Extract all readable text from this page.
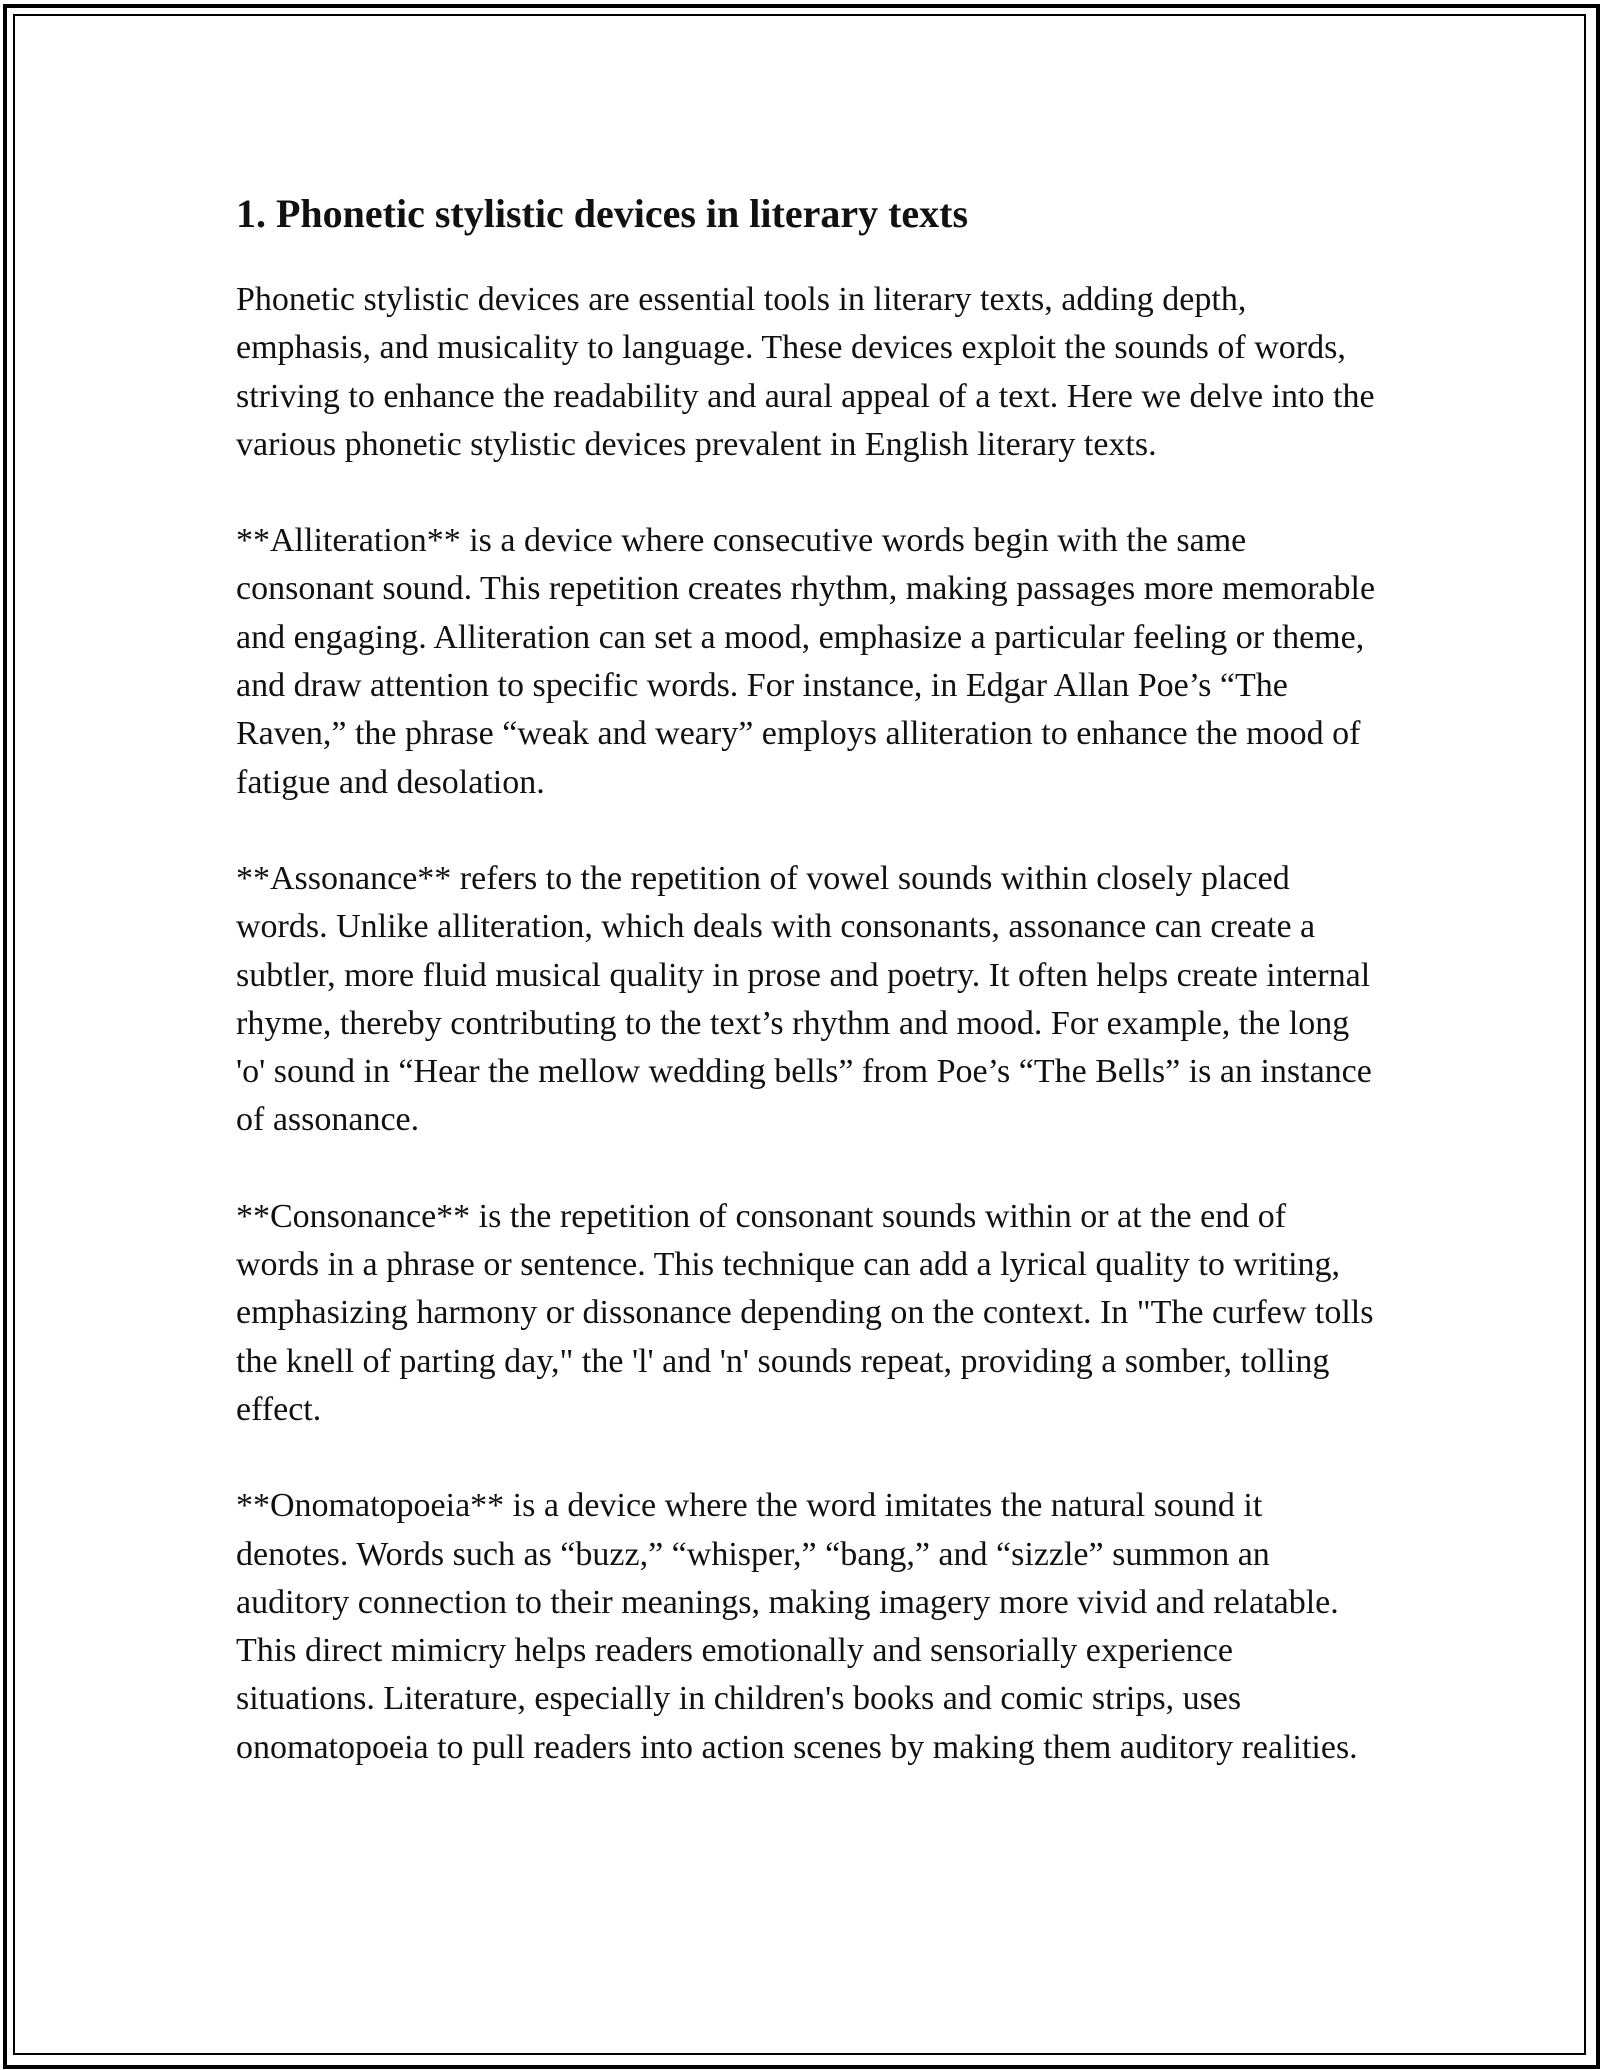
1. Phonetic stylistic devices in literary texts

Phonetic stylistic devices are essential tools in literary texts, adding depth, emphasis, and musicality to language. These devices exploit the sounds of words, striving to enhance the readability and aural appeal of a text. Here we delve into the various phonetic stylistic devices prevalent in English literary texts.

**Alliteration** is a device where consecutive words begin with the same consonant sound. This repetition creates rhythm, making passages more memorable and engaging. Alliteration can set a mood, emphasize a particular feeling or theme, and draw attention to specific words. For instance, in Edgar Allan Poe’s “The Raven,” the phrase “weak and weary” employs alliteration to enhance the mood of fatigue and desolation.

**Assonance** refers to the repetition of vowel sounds within closely placed words. Unlike alliteration, which deals with consonants, assonance can create a subtler, more fluid musical quality in prose and poetry. It often helps create internal rhyme, thereby contributing to the text’s rhythm and mood. For example, the long 'o' sound in “Hear the mellow wedding bells” from Poe’s “The Bells” is an instance of assonance.

**Consonance** is the repetition of consonant sounds within or at the end of words in a phrase or sentence. This technique can add a lyrical quality to writing, emphasizing harmony or dissonance depending on the context. In "The curfew tolls the knell of parting day," the 'l' and 'n' sounds repeat, providing a somber, tolling effect.

**Onomatopoeia** is a device where the word imitates the natural sound it denotes. Words such as “buzz,” “whisper,” “bang,” and “sizzle” summon an auditory connection to their meanings, making imagery more vivid and relatable. This direct mimicry helps readers emotionally and sensorially experience situations. Literature, especially in children's books and comic strips, uses onomatopoeia to pull readers into action scenes by making them auditory realities.
